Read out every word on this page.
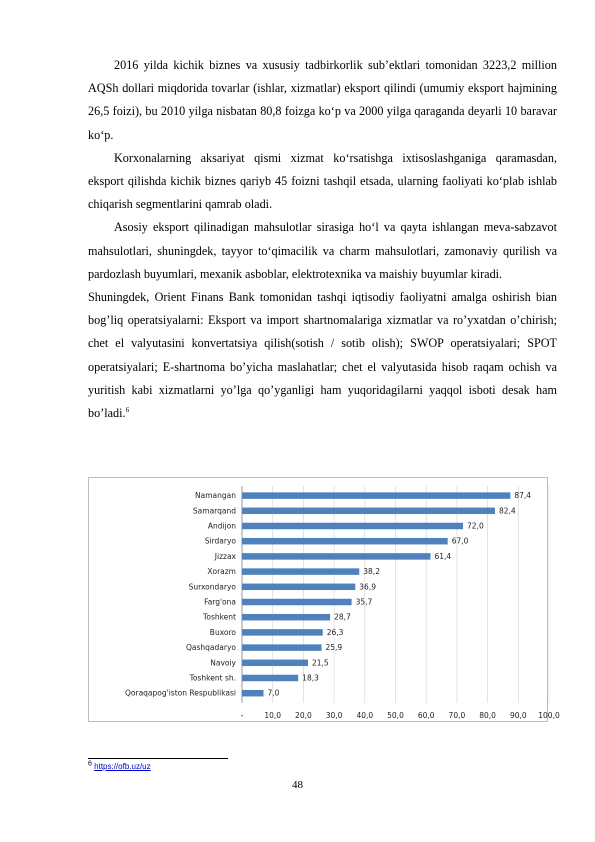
2016 yilda kichik biznes va xususiy tadbirkorlik sub’ektlari tomonidan 3223,2 million AQSh dollari miqdorida tovarlar (ishlar, xizmatlar) eksport qilindi (umumiy eksport hajmining 26,5 foizi), bu 2010 yilga nisbatan 80,8 foizga ko‘p va 2000 yilga qaraganda deyarli 10 baravar ko‘p.

Korxonalarning aksariyat qismi xizmat ko‘rsatishga ixtisoslashganiga qaramasdan, eksport qilishda kichik biznes qariyb 45 foizni tashqil etsada, ularning faoliyati ko‘plab ishlab chiqarish segmentlarini qamrab oladi.

Asosiy eksport qilinadigan mahsulotlar sirasiga ho‘l va qayta ishlangan meva-sabzavot mahsulotlari, shuningdek, tayyor to‘qimacilik va charm mahsulotlari, zamonaviy qurilish va pardozlash buyumlari, mexanik asboblar, elektrotexnika va maishiy buyumlar kiradi.

Shuningdek, Orient Finans Bank tomonidan tashqi iqtisodiy faoliyatni amalga oshirish bian bog’liq operatsiyalarni: Eksport va import shartnomalariga xizmatlar va ro’yxatdan o’chirish; chet el valyutasini konvertatsiya qilish(sotish / sotib olish); SWOP operatsiyalari; SPOT operatsiyalari; E-shartnoma bo’yicha maslahatlar; chet el valyutasida hisob raqam ochish va yuritish kabi xizmatlarni yo’lga qo’yganligi ham yuqoridagilarni yaqqol isboti desak ham bo’ladi.$^6$

-	10,0 20,0 30,0 40,0 50,0 60,0 70,0 80,0 90,0 100,0
Namangan	87,4
Samarqand	82,4
Andijon	72,0
Sirdaryo	67,0
Jizzax	61,4
Xorazm	38,2
Surxondaryo	36,9
Farg'ona	35,7
Toshkent	28,7
Buxoro	26,3
Qashqadaryo	25,9
Navoiy	21,5
Toshkent sh.	18,3
Qoraqapog'iston Respublikasi	7,0
$^6$ https://ofb.uz/uz
48
